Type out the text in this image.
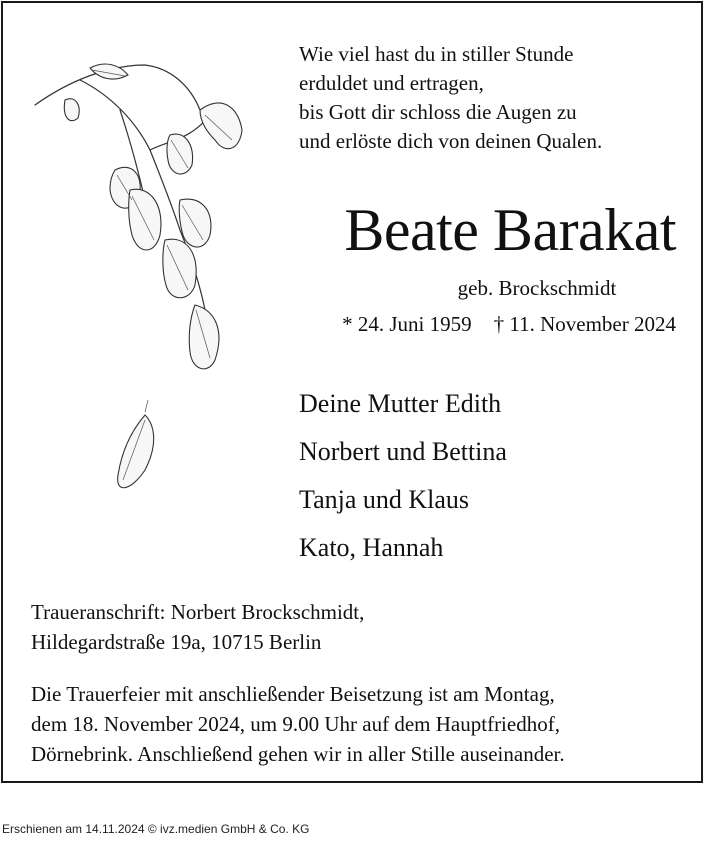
Wie viel hast du in stiller Stunde
erduldet und ertragen,
bis Gott dir schloss die Augen zu
und erlöste dich von deinen Qualen.
Beate Barakat
geb. Brockschmidt
* 24. Juni 1959 † 11. November 2024
Deine Mutter Edith
Norbert und Bettina
Tanja und Klaus
Kato, Hannah
Traueranschrift: Norbert Brockschmidt,
Hildegardstraße 19a, 10715 Berlin
Die Trauerfeier mit anschließender Beisetzung ist am Montag,
dem 18. November 2024, um 9.00 Uhr auf dem Hauptfriedhof,
Dörnebrink. Anschließend gehen wir in aller Stille auseinander.
Erschienen am 14.11.2024 © ivz.medien GmbH & Co. KG
